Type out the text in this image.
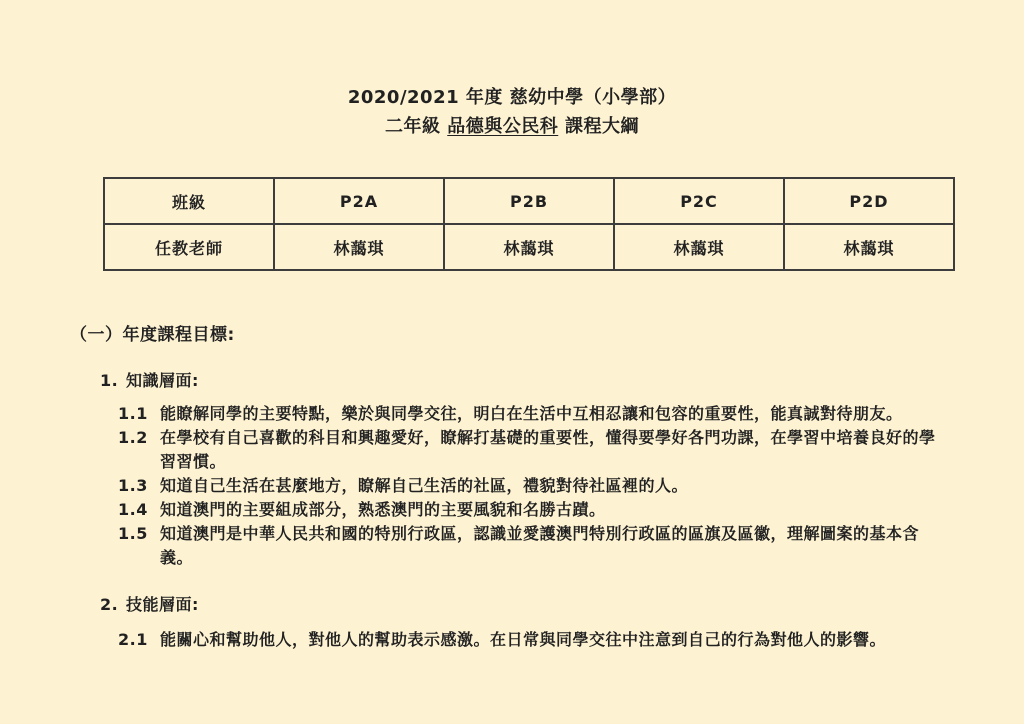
2020/2021 年度 慈幼中學（小學部）
二年級 品德與公民科 課程大綱
班級	P2A	P2B	P2C	P2D
任教老師	林藹琪	林藹琪	林藹琪	林藹琪
（一）年度課程目標:
1. 知識層面:
1.1 能瞭解同學的主要特點，樂於與同學交往，明白在生活中互相忍讓和包容的重要性，能真誠對待朋友。
1.2 在學校有自己喜歡的科目和興趣愛好，瞭解打基礎的重要性，懂得要學好各門功課，在學習中培養良好的學習習慣。
1.3 知道自己生活在甚麼地方，瞭解自己生活的社區，禮貌對待社區裡的人。
1.4 知道澳門的主要組成部分，熟悉澳門的主要風貌和名勝古蹟。
1.5 知道澳門是中華人民共和國的特別行政區，認識並愛護澳門特別行政區的區旗及區徽，理解圖案的基本含義。
2. 技能層面:
2.1 能關心和幫助他人，對他人的幫助表示感激。在日常與同學交往中注意到自己的行為對他人的影響。
